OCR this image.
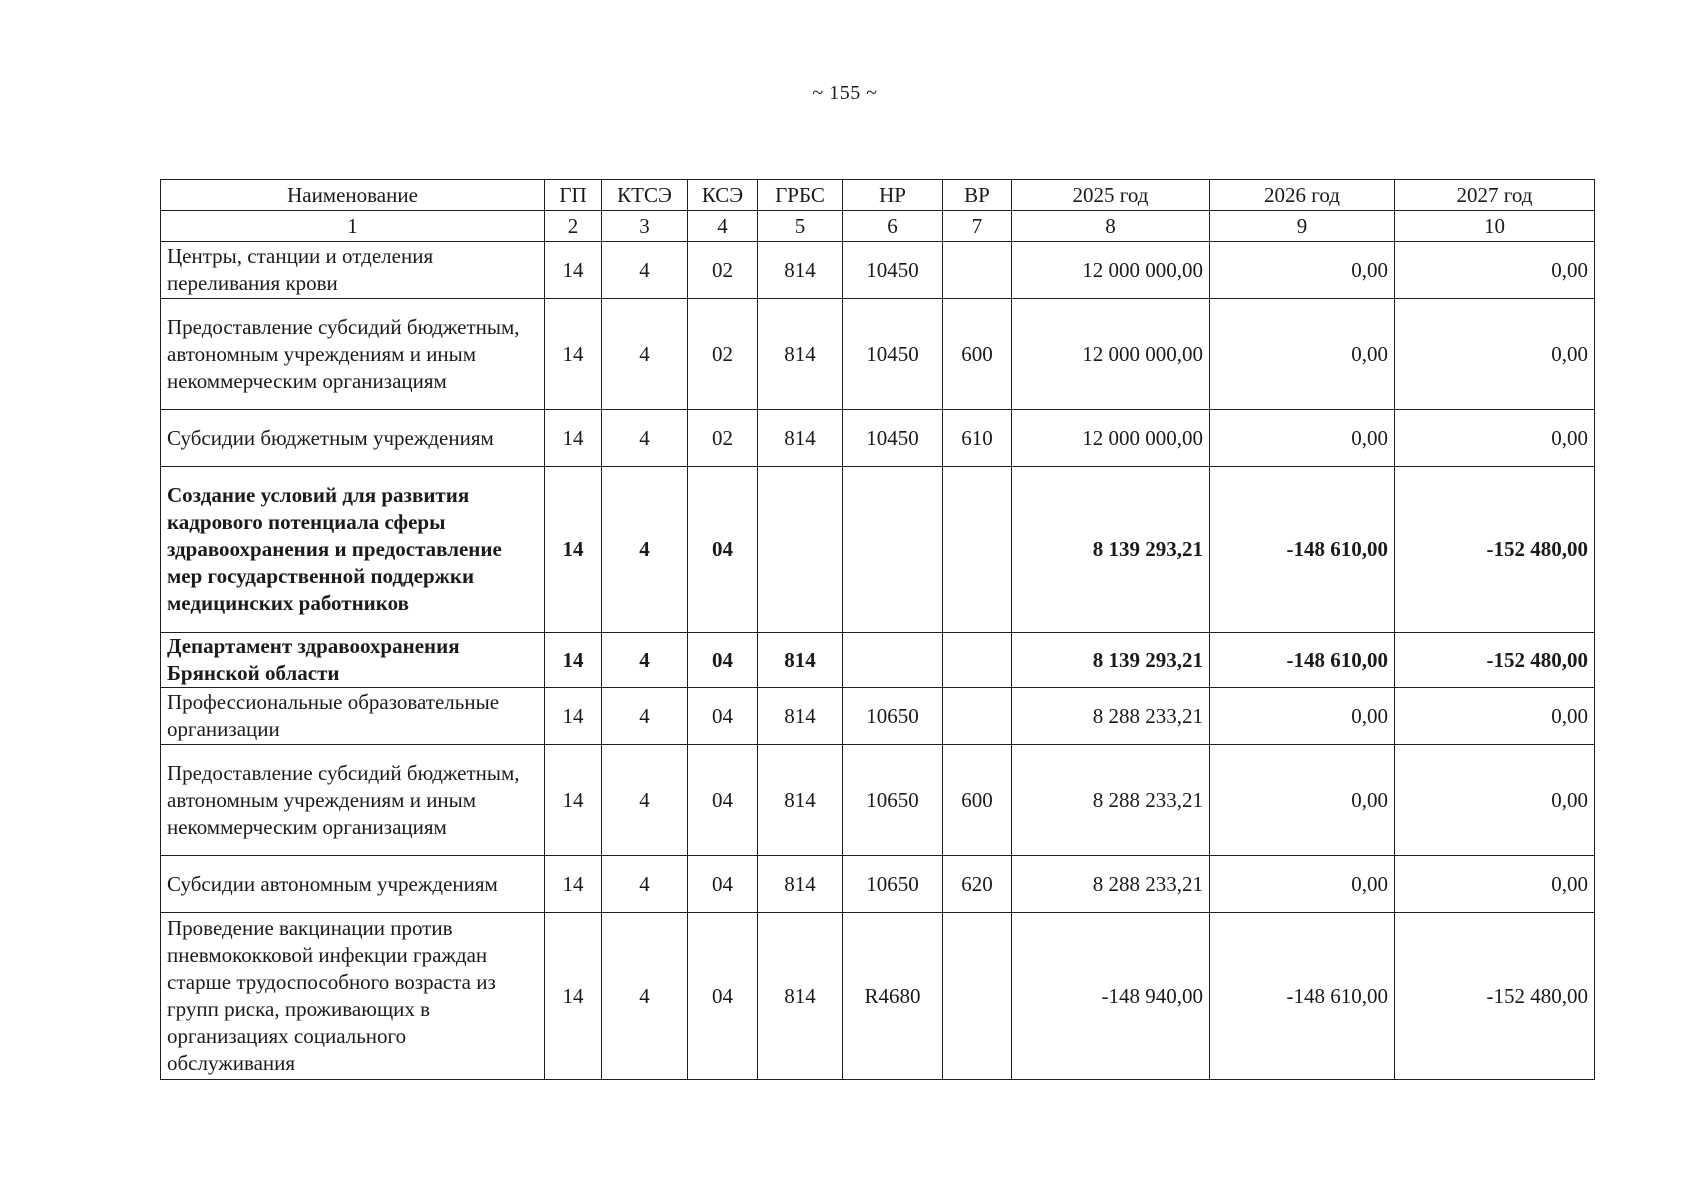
~ 155 ~
Наименование	ГП	КТСЭ	КСЭ	ГРБС	НР	ВР	2025 год	2026 год	2027 год
1	2	3	4	5	6	7	8	9	10
Центры, станции и отделения переливания крови	14	4	02	814	10450		12 000 000,00	0,00	0,00
Предоставление субсидий бюджетным, автономным учреждениям и иным некоммерческим организациям	14	4	02	814	10450	600	12 000 000,00	0,00	0,00
Субсидии бюджетным учреждениям	14	4	02	814	10450	610	12 000 000,00	0,00	0,00
Создание условий для развития кадрового потенциала сферы здравоохранения и предоставление мер государственной поддержки медицинских работников	14	4	04				8 139 293,21	-148 610,00	-152 480,00
Департамент здравоохранения Брянской области	14	4	04	814			8 139 293,21	-148 610,00	-152 480,00
Профессиональные образовательные организации	14	4	04	814	10650		8 288 233,21	0,00	0,00
Предоставление субсидий бюджетным, автономным учреждениям и иным некоммерческим организациям	14	4	04	814	10650	600	8 288 233,21	0,00	0,00
Субсидии автономным учреждениям	14	4	04	814	10650	620	8 288 233,21	0,00	0,00
Проведение вакцинации против пневмококковой инфекции граждан старше трудоспособного возраста из групп риска, проживающих в организациях социального обслуживания	14	4	04	814	R4680		-148 940,00	-148 610,00	-152 480,00
